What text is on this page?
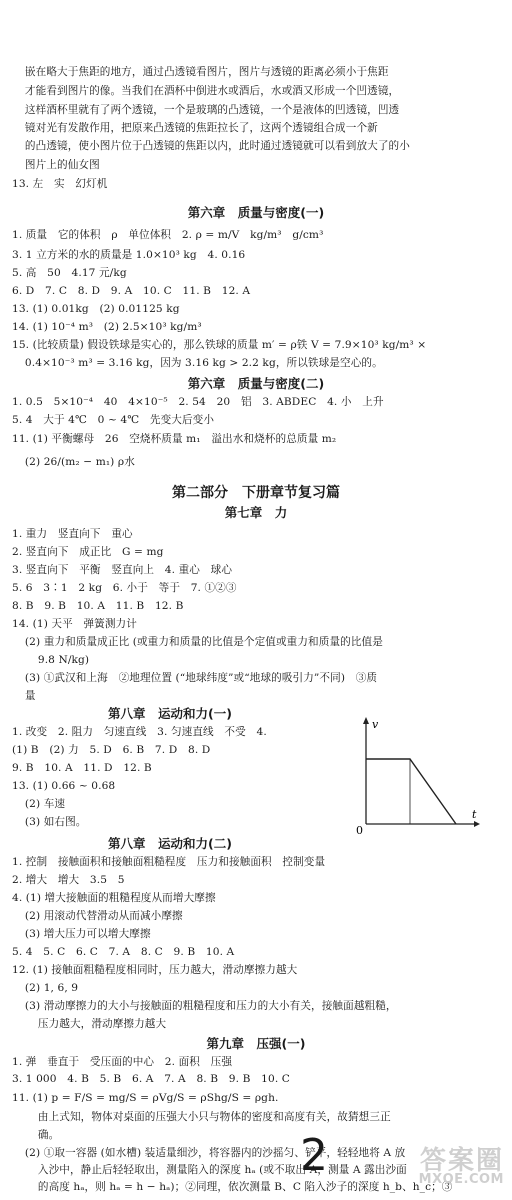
嵌在略大于焦距的地方，通过凸透镜看图片，图片与透镜的距离必须小于焦距
才能看到图片的像。当我们在酒杯中倒进水或酒后，水或酒又形成一个凹透镜，
这样酒杯里就有了两个透镜，一个是玻璃的凸透镜，一个是液体的凹透镜，凹透
镜对光有发散作用，把原来凸透镜的焦距拉长了，这两个透镜组合成一个新
的凸透镜，使小图片位于凸透镜的焦距以内，此时通过透镜就可以看到放大了的小
图片上的仙女图
13. 左　实　幻灯机
第六章　质量与密度(一)
1. 质量　它的体积　ρ　单位体积　2. ρ = m/V　kg/m³　g/cm³
3. 1 立方米的水的质量是 1.0×10³ kg　4. 0.16
5. 高　50　4.17 元/kg
6. D　7. C　8. D　9. A　10. C　11. B　12. A
13. (1) 0.01kg　(2) 0.01125 kg
14. (1) 10⁻⁴ m³　(2) 2.5×10³ kg/m³
15. (比较质量) 假设铁球是实心的，那么铁球的质量 m′ = ρ铁 V = 7.9×10³ kg/m³ ×
0.4×10⁻³ m³ = 3.16 kg，因为 3.16 kg > 2.2 kg，所以铁球是空心的。
第六章　质量与密度(二)
1. 0.5　5×10⁻⁴　40　4×10⁻⁵　2. 54　20　铝　3. ABDEC　4. 小　上升
5. 4　大于 4℃　0 ~ 4℃　先变大后变小
11. (1) 平衡螺母　26　空烧杯质量 m₁　溢出水和烧杯的总质量 m₂
(2) 26/(m₂ − m₁) ρ水
第二部分　下册章节复习篇
第七章　力
1. 重力　竖直向下　重心
2. 竖直向下　成正比　G = mg
3. 竖直向下　平衡　竖直向上　4. 重心　球心
5. 6　3∶1　2 kg　6. 小于　等于　7. ①②③
8. B　9. B　10. A　11. B　12. B
14. (1) 天平　弹簧测力计
(2) 重力和质量成正比 (或重力和质量的比值是个定值或重力和质量的比值是
9.8 N/kg)
(3) ①武汉和上海　②地理位置 (“地球纬度”或“地球的吸引力”不同)　③质
量
第八章　运动和力(一)
1. 改变　2. 阻力　匀速直线　3. 匀速直线　不受　4.
(1) B　(2) 力　5. D　6. B　7. D　8. D
9. B　10. A　11. D　12. B
13. (1) 0.66 ~ 0.68
(2) 车速
(3) 如右图。
v
t
0
第八章　运动和力(二)
1. 控制　接触面积和接触面粗糙程度　压力和接触面积　控制变量
2. 增大　增大　3.5　5
4. (1) 增大接触面的粗糙程度从而增大摩擦
(2) 用滚动代替滑动从而减小摩擦
(3) 增大压力可以增大摩擦
5. 4　5. C　6. C　7. A　8. C　9. B　10. A
12. (1) 接触面粗糙程度相同时，压力越大，滑动摩擦力越大
(2) 1, 6, 9
(3) 滑动摩擦力的大小与接触面的粗糙程度和压力的大小有关，接触面越粗糙，
压力越大，滑动摩擦力越大
第九章　压强(一)
1. 弹　垂直于　受压面的中心　2. 面积　压强
3. 1 000　4. B　5. B　6. A　7. A　8. B　9. B　10. C
11. (1) p = F/S = mg/S = ρVg/S = ρShg/S = ρgh.
由上式知，物体对桌面的压强大小只与物体的密度和高度有关，故猜想三正
确。
(2) ①取一容器 (如水槽) 装适量细沙，将容器内的沙摇匀、铲平，轻轻地将 A 放
入沙中，静止后轻轻取出，测量陷入的深度 hₐ (或不取出 A，测量 A 露出沙面
的高度 hₐ，则 hₐ = h − hₐ)；②同理，依次测量 B、C 陷入沙子的深度 h_b、h_c；③
2	答案圈
MXQE.COM
